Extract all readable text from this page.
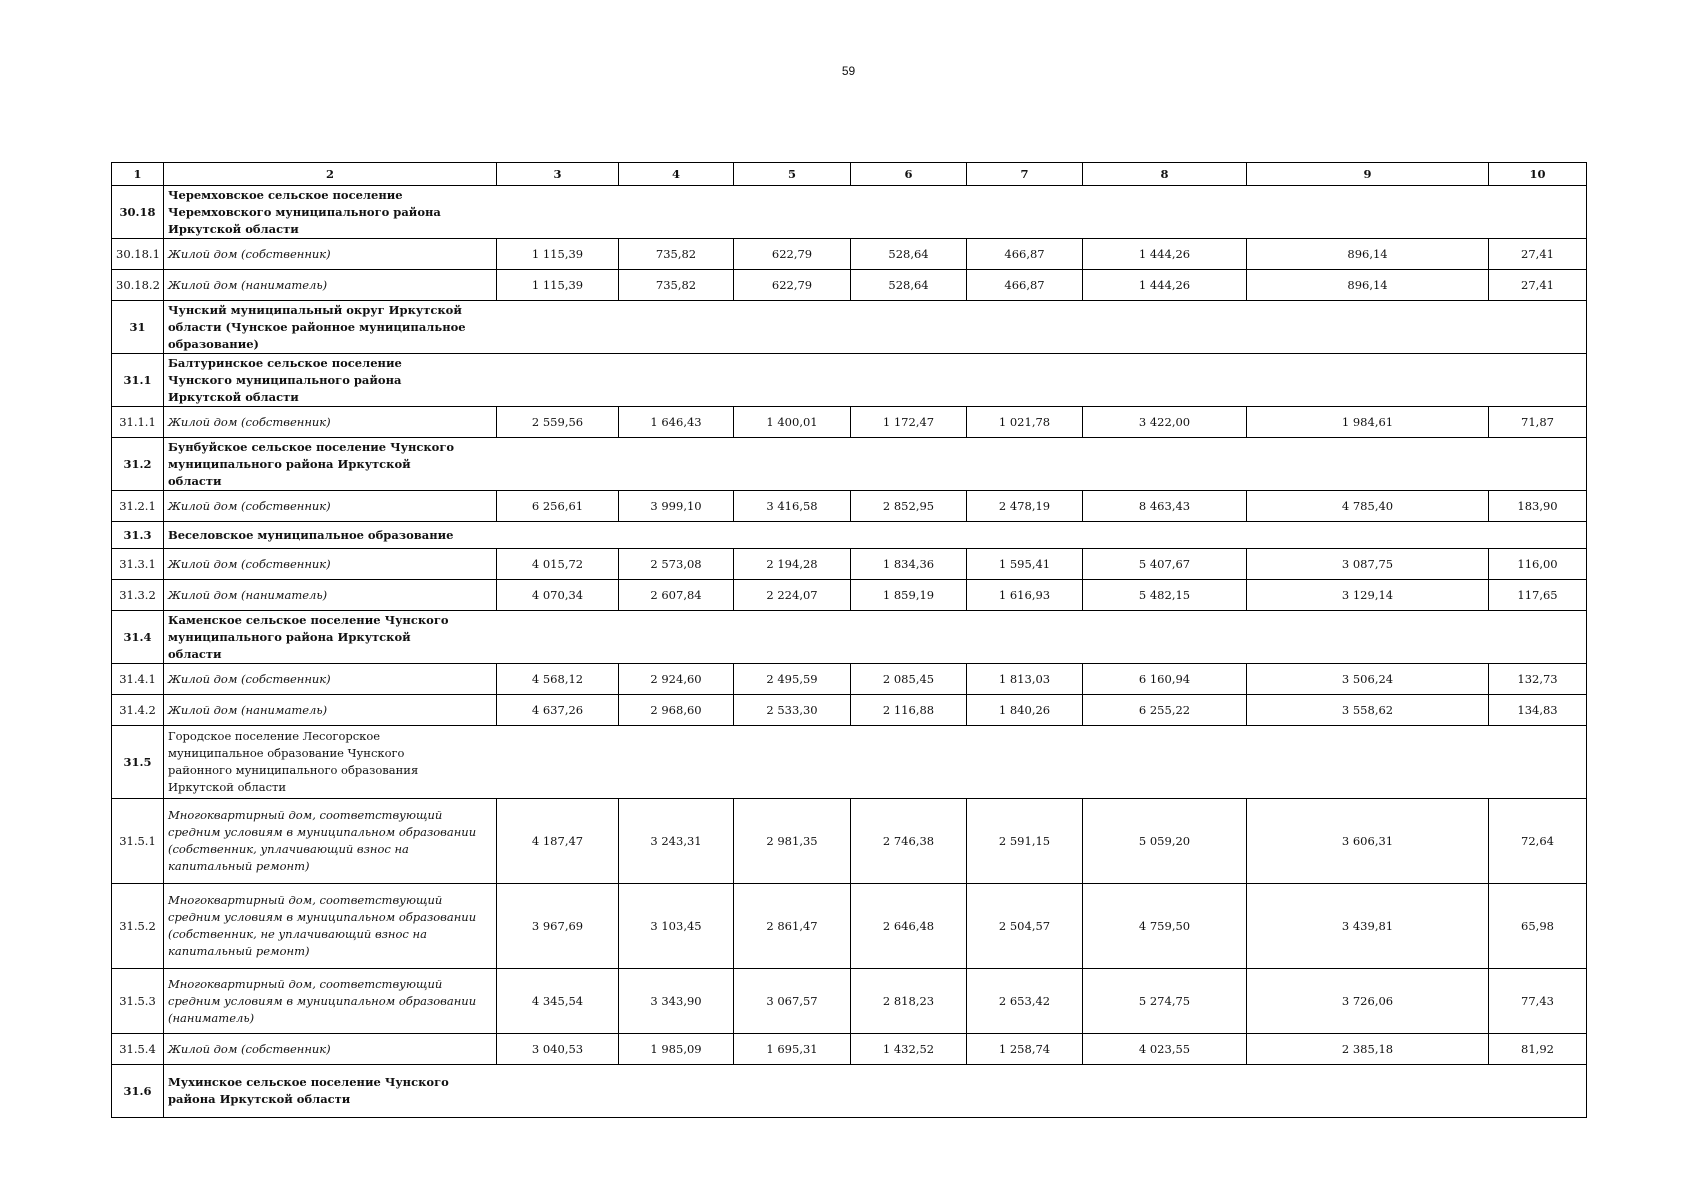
59
1	2	3	4	5	6	7	8	9	10
30.18	Черемховское сельское поселение Черемховского муниципального района Иркутской области								
30.18.1	Жилой дом (собственник)	1 115,39	735,82	622,79	528,64	466,87	1 444,26	896,14	27,41
30.18.2	Жилой дом (наниматель)	1 115,39	735,82	622,79	528,64	466,87	1 444,26	896,14	27,41
31	Чунский муниципальный округ Иркутской области (Чунское районное муниципальное образование)								
31.1	Балтуринское сельское поселение Чунского муниципального района Иркутской области								
31.1.1	Жилой дом (собственник)	2 559,56	1 646,43	1 400,01	1 172,47	1 021,78	3 422,00	1 984,61	71,87
31.2	Бунбуйское сельское поселение Чунского муниципального района Иркутской области								
31.2.1	Жилой дом (собственник)	6 256,61	3 999,10	3 416,58	2 852,95	2 478,19	8 463,43	4 785,40	183,90
31.3	Веселовское муниципальное образование								
31.3.1	Жилой дом (собственник)	4 015,72	2 573,08	2 194,28	1 834,36	1 595,41	5 407,67	3 087,75	116,00
31.3.2	Жилой дом (наниматель)	4 070,34	2 607,84	2 224,07	1 859,19	1 616,93	5 482,15	3 129,14	117,65
31.4	Каменское сельское поселение Чунского муниципального района Иркутской области								
31.4.1	Жилой дом (собственник)	4 568,12	2 924,60	2 495,59	2 085,45	1 813,03	6 160,94	3 506,24	132,73
31.4.2	Жилой дом (наниматель)	4 637,26	2 968,60	2 533,30	2 116,88	1 840,26	6 255,22	3 558,62	134,83
31.5	Городское поселение Лесогорское муниципальное образование Чунского районного муниципального образования Иркутской области								
31.5.1	Многоквартирный дом, соответствующий средним условиям в муниципальном образовании (собственник, уплачивающий взнос на капитальный ремонт)	4 187,47	3 243,31	2 981,35	2 746,38	2 591,15	5 059,20	3 606,31	72,64
31.5.2	Многоквартирный дом, соответствующий средним условиям в муниципальном образовании (собственник, не уплачивающий взнос на капитальный ремонт)	3 967,69	3 103,45	2 861,47	2 646,48	2 504,57	4 759,50	3 439,81	65,98
31.5.3	Многоквартирный дом, соответствующий средним условиям в муниципальном образовании (наниматель)	4 345,54	3 343,90	3 067,57	2 818,23	2 653,42	5 274,75	3 726,06	77,43
31.5.4	Жилой дом (собственник)	3 040,53	1 985,09	1 695,31	1 432,52	1 258,74	4 023,55	2 385,18	81,92
31.6	Мухинское сельское поселение Чунского района Иркутской области								
